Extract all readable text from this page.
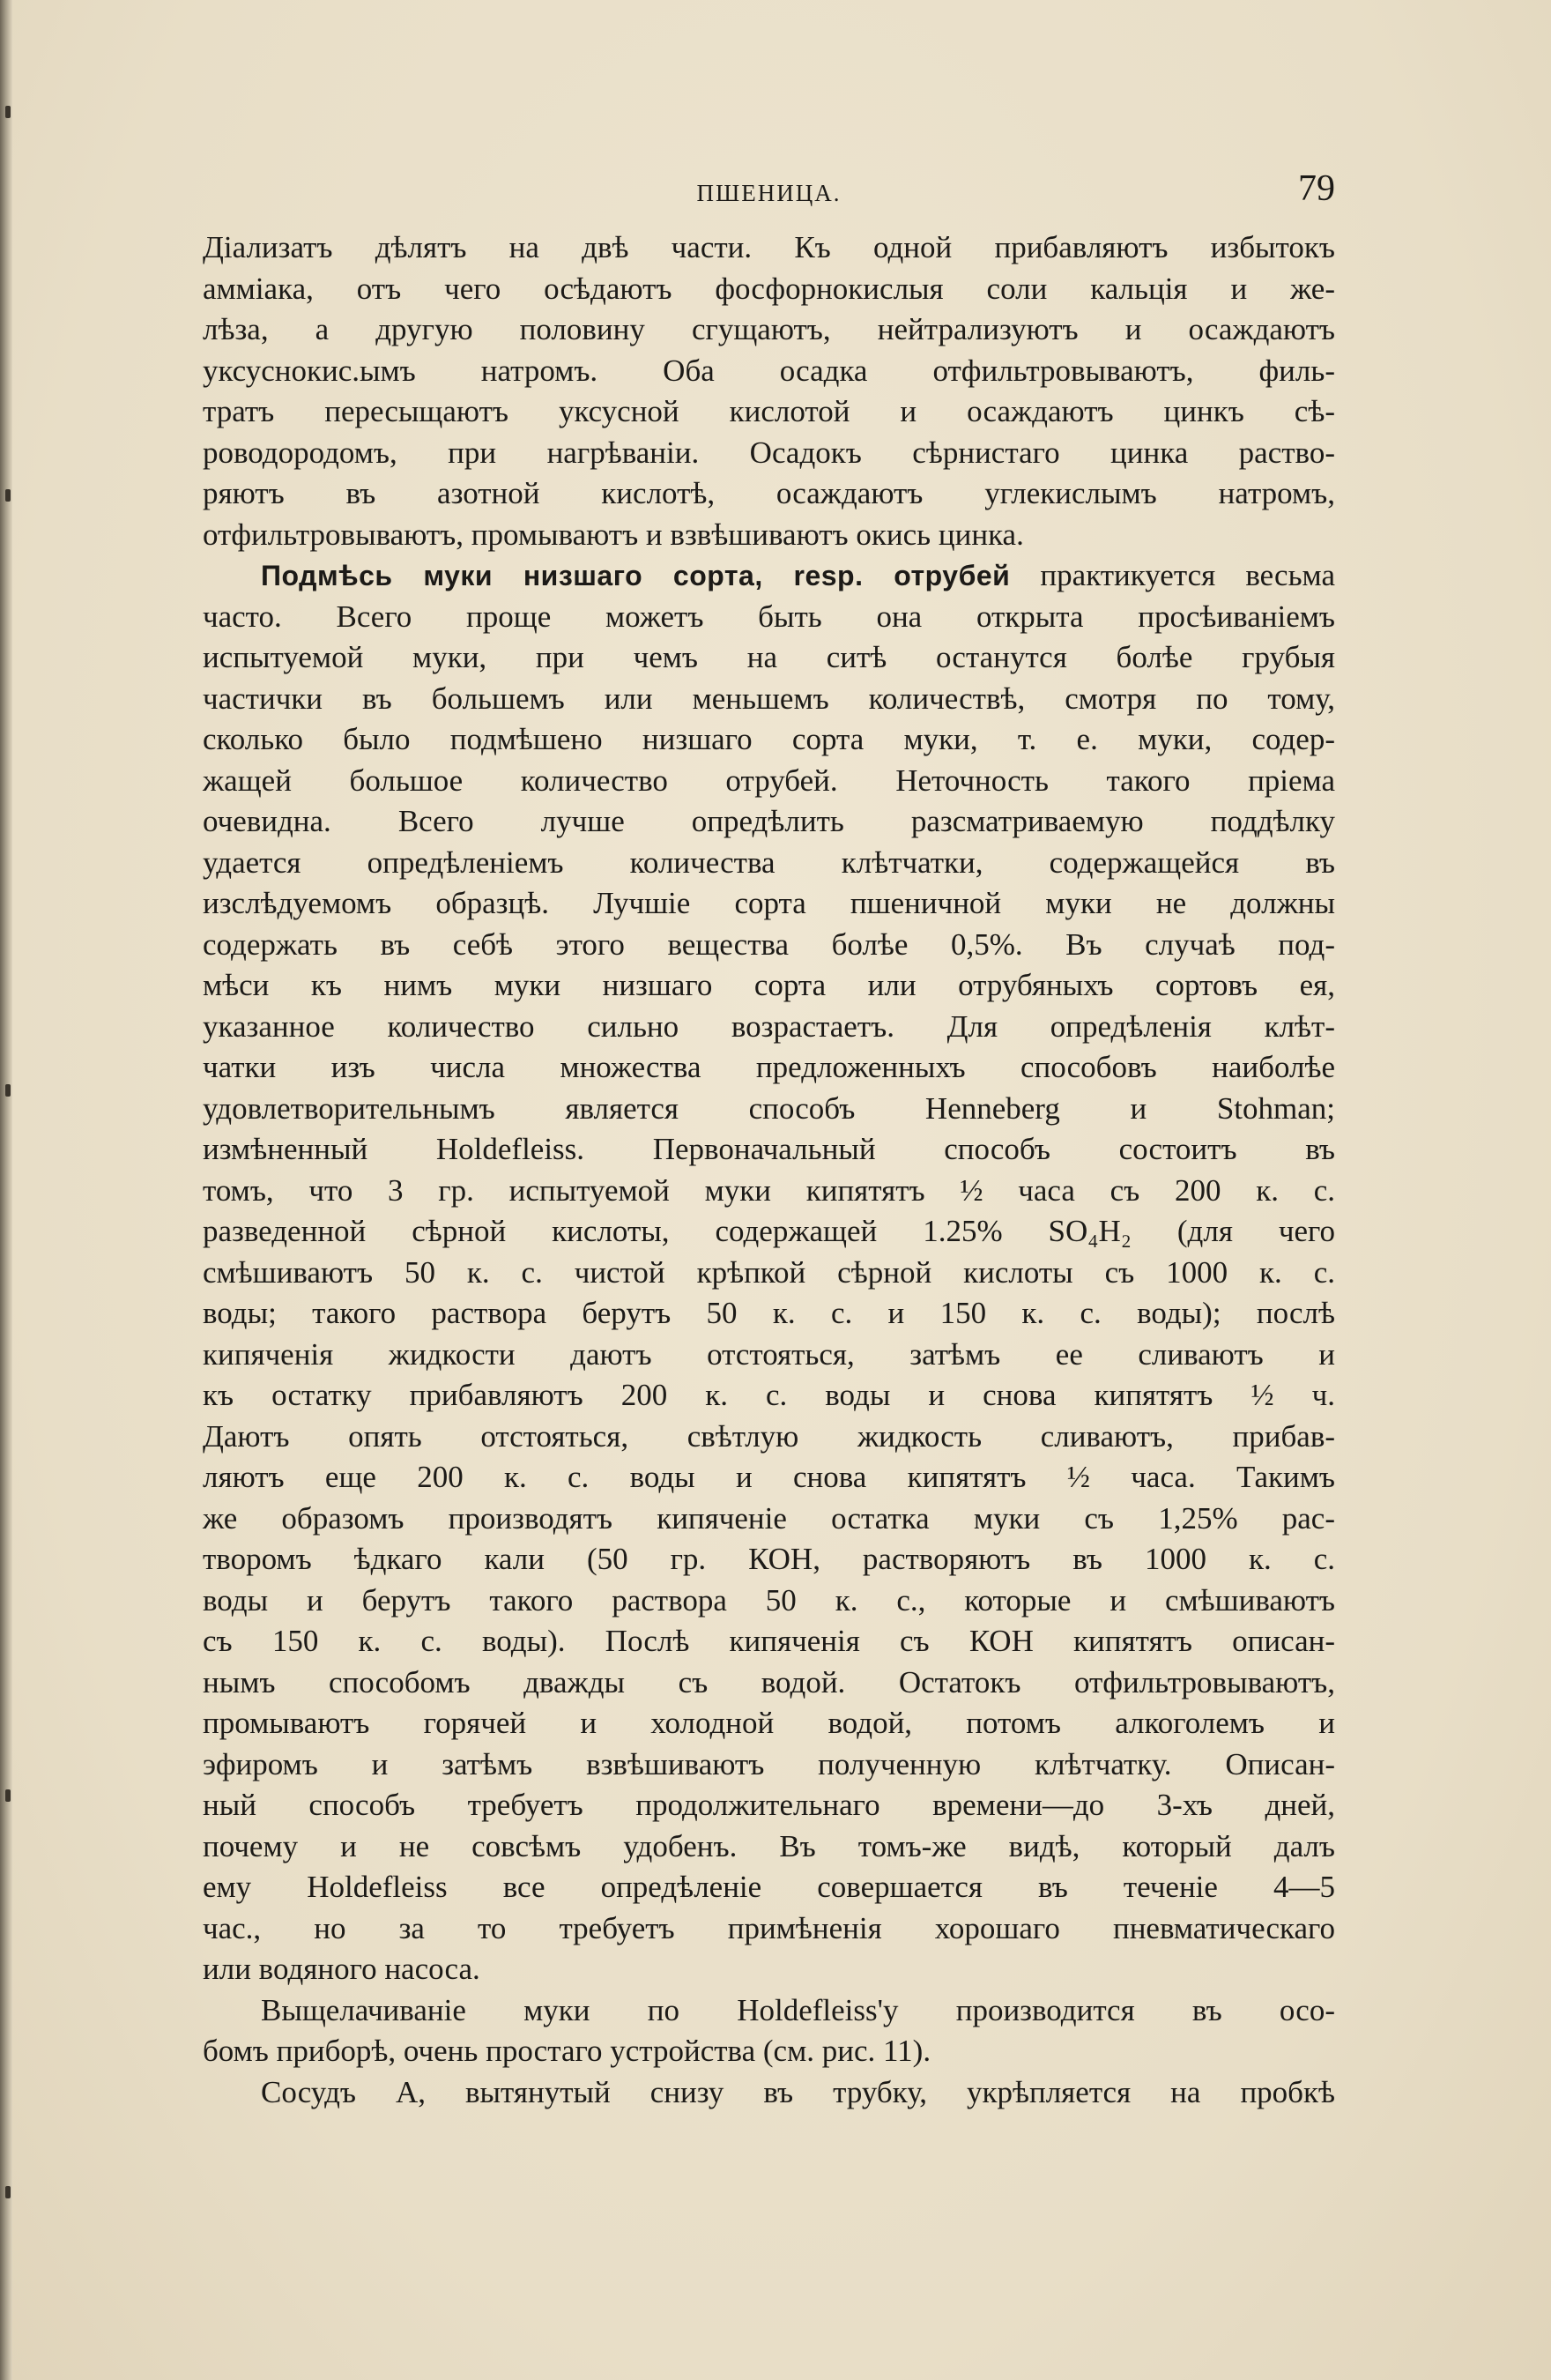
ПШЕНИЦА.	79
Діализатъ дѣлятъ на двѣ части. Къ одной прибавляютъ избытокъ
амміака, отъ чего осѣдаютъ фосфорнокислыя соли кальція и же-
лѣза, а другую половину сгущаютъ, нейтрализуютъ и осаждаютъ
уксуснокис.ымъ натромъ. Оба осадка отфильтровываютъ, филь-
тратъ пересыщаютъ уксусной кислотой и осаждаютъ цинкъ сѣ-
роводородомъ, при нагрѣваніи. Осадокъ сѣрнистаго цинка раство-
ряютъ въ азотной кислотѣ, осаждаютъ углекислымъ натромъ,
отфильтровываютъ, промываютъ и взвѣшиваютъ окись цинка.
Подмѣсь муки низшаго сорта, resp. отрубей практикуется весьма
часто. Всего проще можетъ быть она открыта просѣиваніемъ
испытуемой муки, при чемъ на ситѣ останутся болѣе грубыя
частички въ большемъ или меньшемъ количествѣ, смотря по тому,
сколько было подмѣшено низшаго сорта муки, т. е. муки, содер-
жащей большое количество отрубей. Неточность такого пріема
очевидна. Всего лучше опредѣлить разсматриваемую поддѣлку
удается опредѣленіемъ количества клѣтчатки, содержащейся въ
изслѣдуемомъ образцѣ. Лучшіе сорта пшеничной муки не должны
содержать въ себѣ этого вещества болѣе 0,5%. Въ случаѣ под-
мѣси къ нимъ муки низшаго сорта или отрубяныхъ сортовъ ея,
указанное количество сильно возрастаетъ. Для опредѣленія клѣт-
чатки изъ числа множества предложенныхъ способовъ наиболѣе
удовлетворительнымъ является способъ Henneberg и Stohman;
измѣненный Holdefleiss. Первоначальный способъ состоитъ въ
томъ, что 3 гр. испытуемой муки кипятятъ ½ часа съ 200 к. с.
разведенной сѣрной кислоты, содержащей 1.25% SO₄H₂ (для чего
смѣшиваютъ 50 к. с. чистой крѣпкой сѣрной кислоты съ 1000 к. с.
воды; такого раствора берутъ 50 к. с. и 150 к. с. воды); послѣ
кипяченія жидкости даютъ отстояться, затѣмъ ее сливаютъ и
къ остатку прибавляютъ 200 к. с. воды и снова кипятятъ ½ ч.
Даютъ опять отстояться, свѣтлую жидкость сливаютъ, прибав-
ляютъ еще 200 к. с. воды и снова кипятятъ ½ часа. Такимъ
же образомъ производятъ кипяченіе остатка муки съ 1,25% рас-
творомъ ѣдкаго кали (50 гр. КОН, растворяютъ въ 1000 к. с.
воды и берутъ такого раствора 50 к. с., которые и смѣшиваютъ
съ 150 к. с. воды). Послѣ кипяченія съ КОН кипятятъ описан-
нымъ способомъ дважды съ водой. Остатокъ отфильтровываютъ,
промываютъ горячей и холодной водой, потомъ алкоголемъ и
эфиромъ и затѣмъ взвѣшиваютъ полученную клѣтчатку. Описан-
ный способъ требуетъ продолжительнаго времени—до 3-хъ дней,
почему и не совсѣмъ удобенъ. Въ томъ-же видѣ, который далъ
ему Holdefleiss все опредѣленіе совершается въ теченіе 4—5
час., но за то требуетъ примѣненія хорошаго пневматическаго
или водяного насоса.
Выщелачиваніе муки по Holdefleiss'у производится въ осо-
бомъ приборѣ, очень простаго устройства (см. рис. 11).
Сосудъ А, вытянутый снизу въ трубку, укрѣпляется на пробкѣ
